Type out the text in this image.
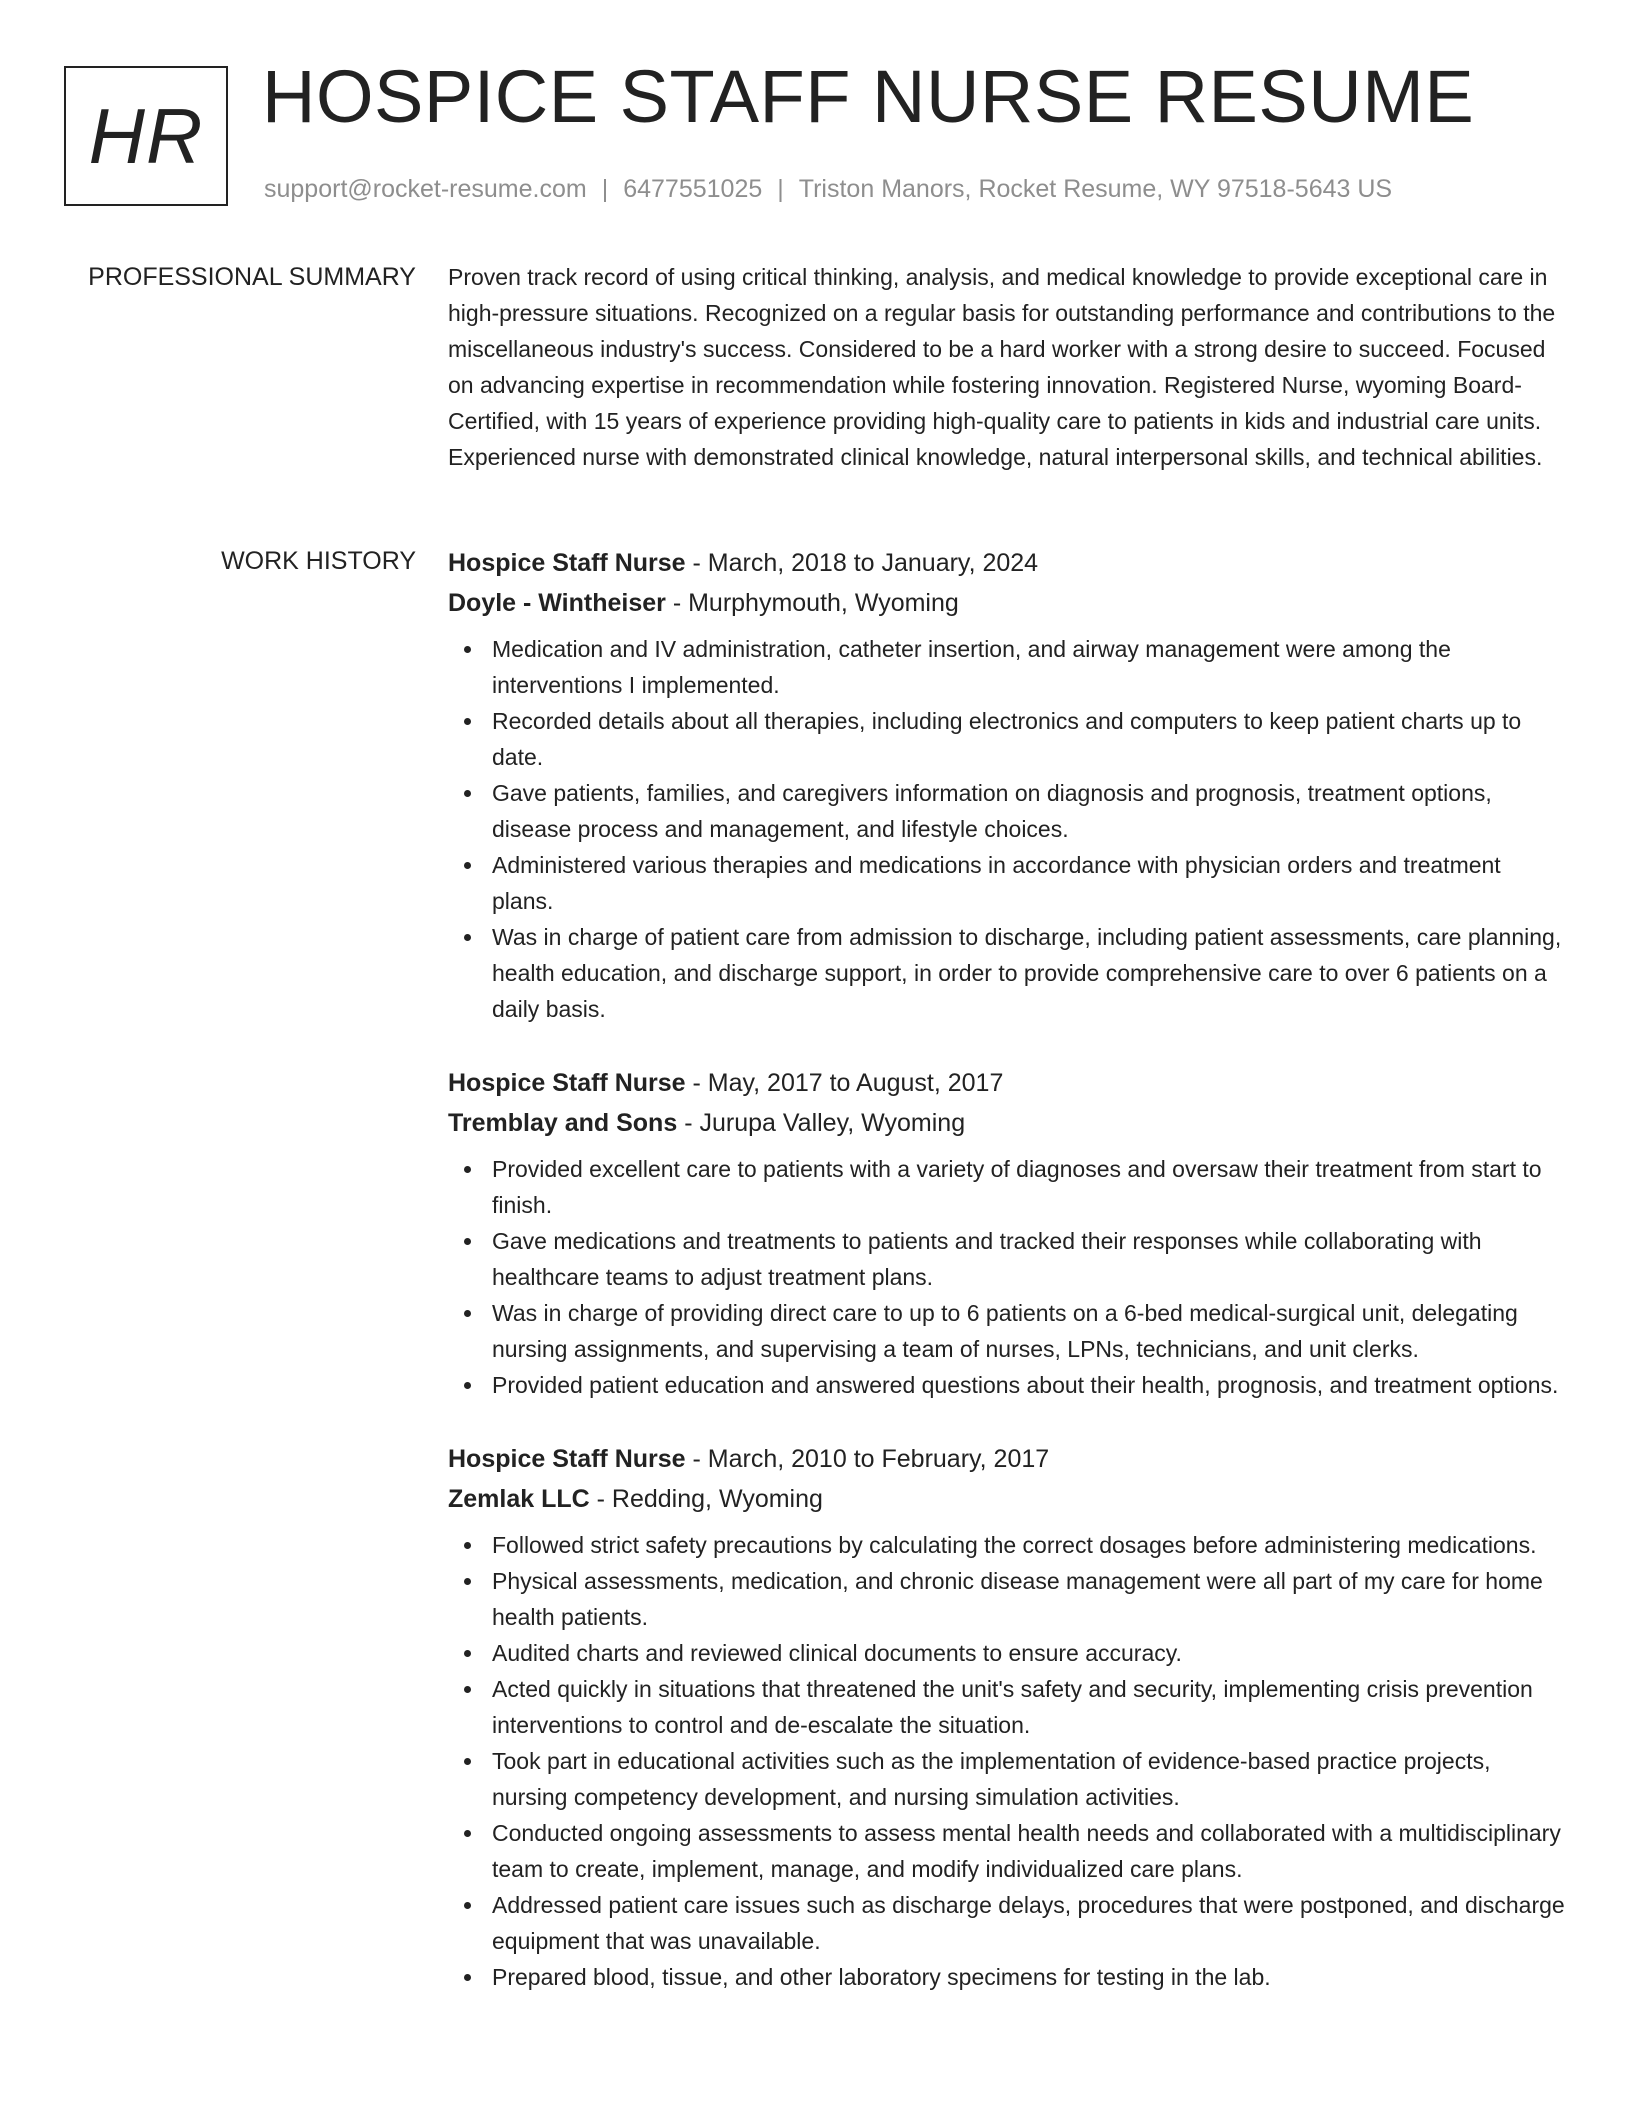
HR HOSPICE STAFF NURSE RESUME
support@rocket-resume.com | 6477551025 | Triston Manors, Rocket Resume, WY 97518-5643 US
PROFESSIONAL SUMMARY Proven track record of using critical thinking, analysis, and medical knowledge to provide exceptional care in high-pressure situations. Recognized on a regular basis for outstanding performance and contributions to the miscellaneous industry's success. Considered to be a hard worker with a strong desire to succeed. Focused on advancing expertise in recommendation while fostering innovation. Registered Nurse, wyoming Board-Certified, with 15 years of experience providing high-quality care to patients in kids and industrial care units. Experienced nurse with demonstrated clinical knowledge, natural interpersonal skills, and technical abilities.

WORK HISTORY Hospice Staff Nurse - March, 2018 to January, 2024
Doyle - Wintheiser - Murphymouth, Wyoming
Medication and IV administration, catheter insertion, and airway management were among the interventions I implemented.
Recorded details about all therapies, including electronics and computers to keep patient charts up to date.
Gave patients, families, and caregivers information on diagnosis and prognosis, treatment options, disease process and management, and lifestyle choices.
Administered various therapies and medications in accordance with physician orders and treatment plans.
Was in charge of patient care from admission to discharge, including patient assessments, care planning, health education, and discharge support, in order to provide comprehensive care to over 6 patients on a daily basis.
Hospice Staff Nurse - May, 2017 to August, 2017
Tremblay and Sons - Jurupa Valley, Wyoming
Provided excellent care to patients with a variety of diagnoses and oversaw their treatment from start to finish.
Gave medications and treatments to patients and tracked their responses while collaborating with healthcare teams to adjust treatment plans.
Was in charge of providing direct care to up to 6 patients on a 6-bed medical-surgical unit, delegating nursing assignments, and supervising a team of nurses, LPNs, technicians, and unit clerks.
Provided patient education and answered questions about their health, prognosis, and treatment options.
Hospice Staff Nurse - March, 2010 to February, 2017
Zemlak LLC - Redding, Wyoming
Followed strict safety precautions by calculating the correct dosages before administering medications.
Physical assessments, medication, and chronic disease management were all part of my care for home health patients.
Audited charts and reviewed clinical documents to ensure accuracy.
Acted quickly in situations that threatened the unit's safety and security, implementing crisis prevention interventions to control and de-escalate the situation.
Took part in educational activities such as the implementation of evidence-based practice projects, nursing competency development, and nursing simulation activities.
Conducted ongoing assessments to assess mental health needs and collaborated with a multidisciplinary team to create, implement, manage, and modify individualized care plans.
Addressed patient care issues such as discharge delays, procedures that were postponed, and discharge equipment that was unavailable.
Prepared blood, tissue, and other laboratory specimens for testing in the lab.
